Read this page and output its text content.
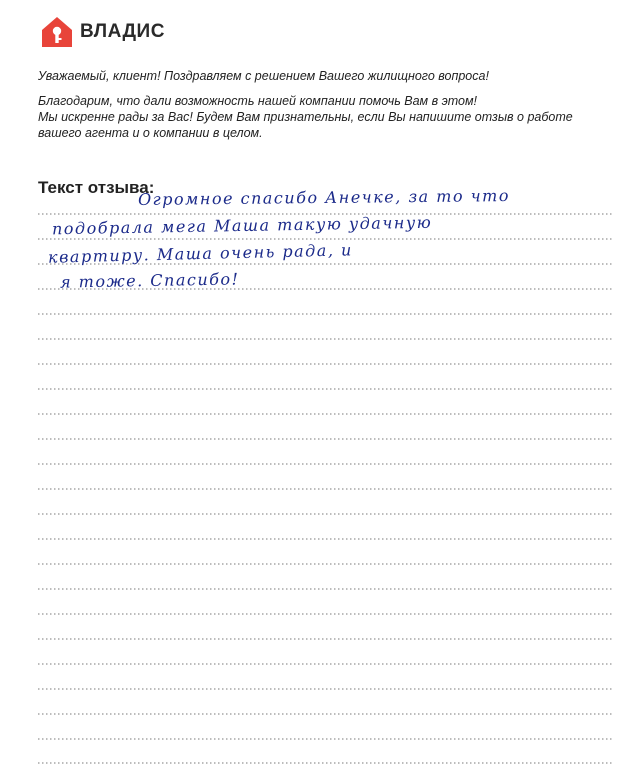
ВЛАДИС

Уважаемый, клиент! Поздравляем с решением Вашего жилищного вопроса!

Благодарим, что дали возможность нашей компании помочь Вам в этом!

Мы искренне рады за Вас! Будем Вам признательны, если Вы напишите отзыв о работе

вашего агента и о компании в целом.

Текст отзыва:
Огромное спасибо Анечке, за то что
подобрала мега Маша такую удачную
квартиру. Маша очень рада, и
я тоже. Спасибо!
